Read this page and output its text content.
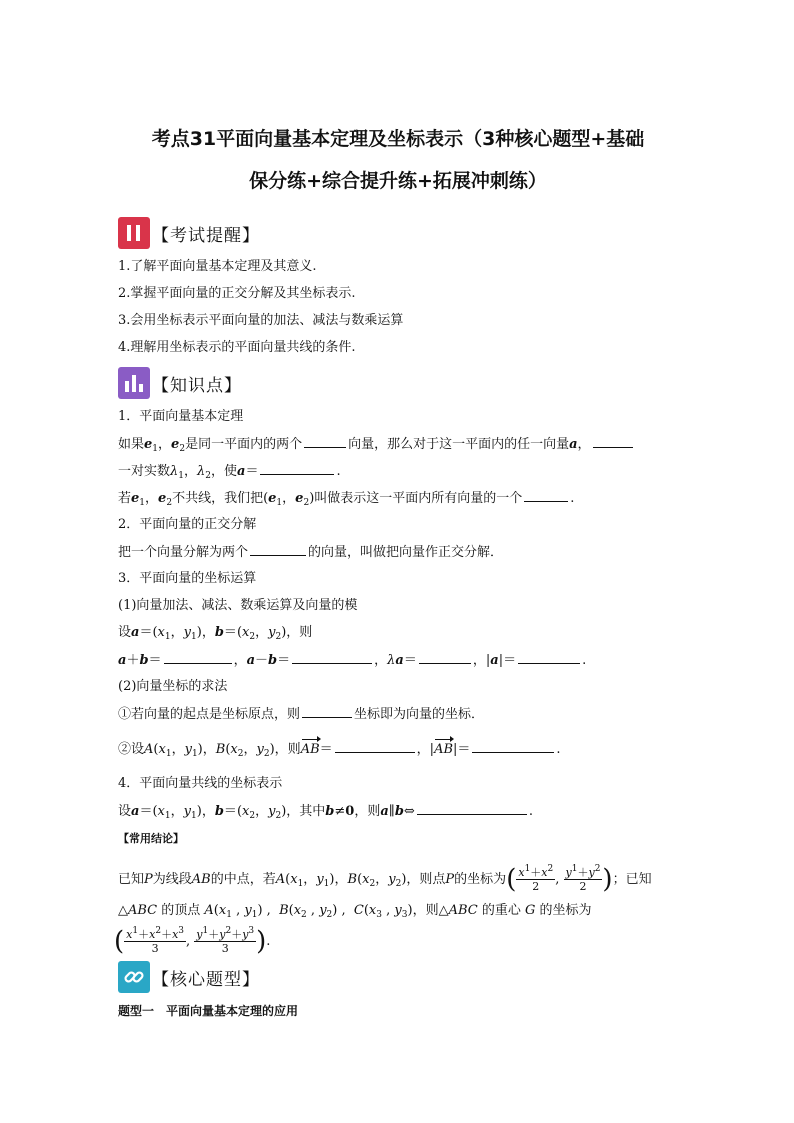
考点31平面向量基本定理及坐标表示（3种核心题型+基础
保分练+综合提升练+拓展冲刺练）
【考试提醒】
1.了解平面向量基本定理及其意义.
2.掌握平面向量的正交分解及其坐标表示.
3.会用坐标表示平面向量的加法、减法与数乘运算
4.理解用坐标表示的平面向量共线的条件.
【知识点】
1．平面向量基本定理
如果$e_1$，$e_2$是同一平面内的两个	向量，那么对于这一平面内的任一向量a，
一对实数$\lambda_1$，$\lambda_2$，使a＝	.
若$e_1$，$e_2$不共线，我们把($e_1$，$e_2$)叫做表示这一平面内所有向量的一个	.
2．平面向量的正交分解
把一个向量分解为两个	的向量，叫做把向量作正交分解．
3．平面向量的坐标运算
(1)向量加法、减法、数乘运算及向量的模
设$a=(x_1$，$y_1$)，$b=(x_2$，$y_2$)，则
a＋b＝	，a－b＝	，λa＝	，|a|＝	.
(2)向量坐标的求法
①若向量的起点是坐标原点，则	坐标即为向量的坐标．
②设$A(x_1$，$y_1$)，$B(x_2$，$y_2$)，则AB＝	，|AB|＝	.
4．平面向量共线的坐标表示
设$a=(x_1$，$y_1$)，$b=(x_2$，$y_2$)，其中b≠0，则a∥b⇔	.
【常用结论】
已知P为线段AB的中点，若$A(x_1$，$y_1$)，$B(x_2$，$y_2$)，则点P的坐标为( $\frac{x^1+x^2}{2}$ , $\frac{y^1+y^2}{2}$ )；已知
△ABC 的顶点 $A(x_1$ , $y_1$) ,  $B(x_2$ , $y_2$) ,  $C(x_3$ , $y_3$)，则△ABC 的重心 G 的坐标为
( $\frac{x^1+x^2+x^3}{3}$ , $\frac{y^1+y^2+y^3}{3}$ ).
【核心题型】
题型一　平面向量基本定理的应用
